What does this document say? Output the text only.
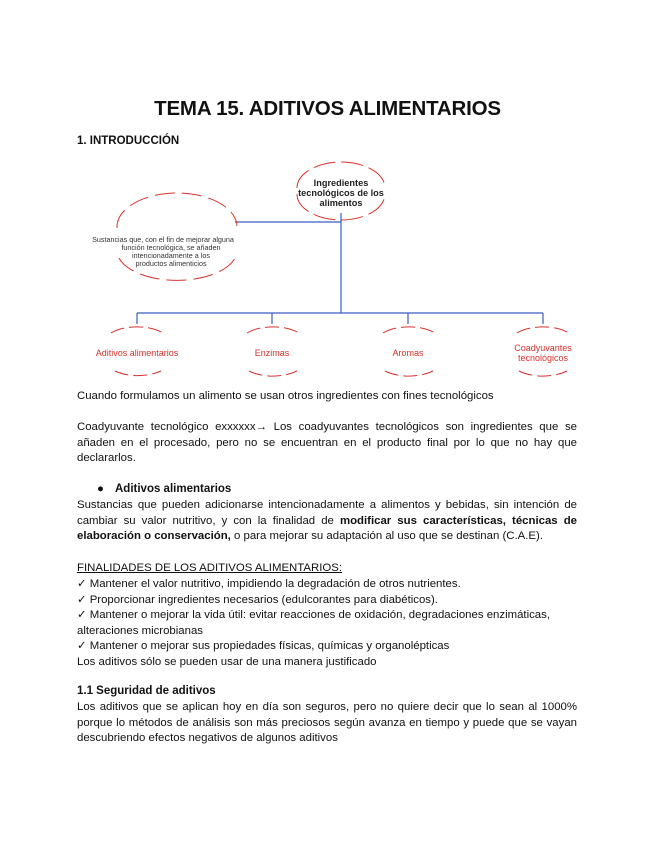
TEMA 15. ADITIVOS ALIMENTARIOS
1. INTRODUCCIÓN
Ingredientes
tecnológicos de los
alimentos
Sustancias que, con el fin de mejorar alguna
función tecnológica, se añaden
intencionadamente a los
productos alimenticios
Aditivos alimentarios	Enzimas	Aromas	Coadyuvantes
tecnológicos

Cuando formulamos un alimento se usan otros ingredientes con fines tecnológicos

Coadyuvante tecnológico exxxxxx→ Los coadyuvantes tecnológicos son ingredientes que se añaden en el procesado, pero no se encuentran en el producto final por lo que no hay que declararlos.

● Aditivos alimentarios

Sustancias que pueden adicionarse intencionadamente a alimentos y bebidas, sin intención de cambiar su valor nutritivo, y con la finalidad de modificar sus características, técnicas de elaboración o conservación, o para mejorar su adaptación al uso que se destinan (C.A.E).

FINALIDADES DE LOS ADITIVOS ALIMENTARIOS:

✓ Mantener el valor nutritivo, impidiendo la degradación de otros nutrientes.
✓ Proporcionar ingredientes necesarios (edulcorantes para diabéticos).
✓ Mantener o mejorar la vida útil: evitar reacciones de oxidación, degradaciones enzimáticas, alteraciones microbianas
✓ Mantener o mejorar sus propiedades físicas, químicas y organolépticas
Los aditivos sólo se pueden usar de una manera justificado
1.1 Seguridad de aditivos

Los aditivos que se aplican hoy en día son seguros, pero no quiere decir que lo sean al 1000% porque lo métodos de análisis son más preciosos según avanza en tiempo y puede que se vayan descubriendo efectos negativos de algunos aditivos
